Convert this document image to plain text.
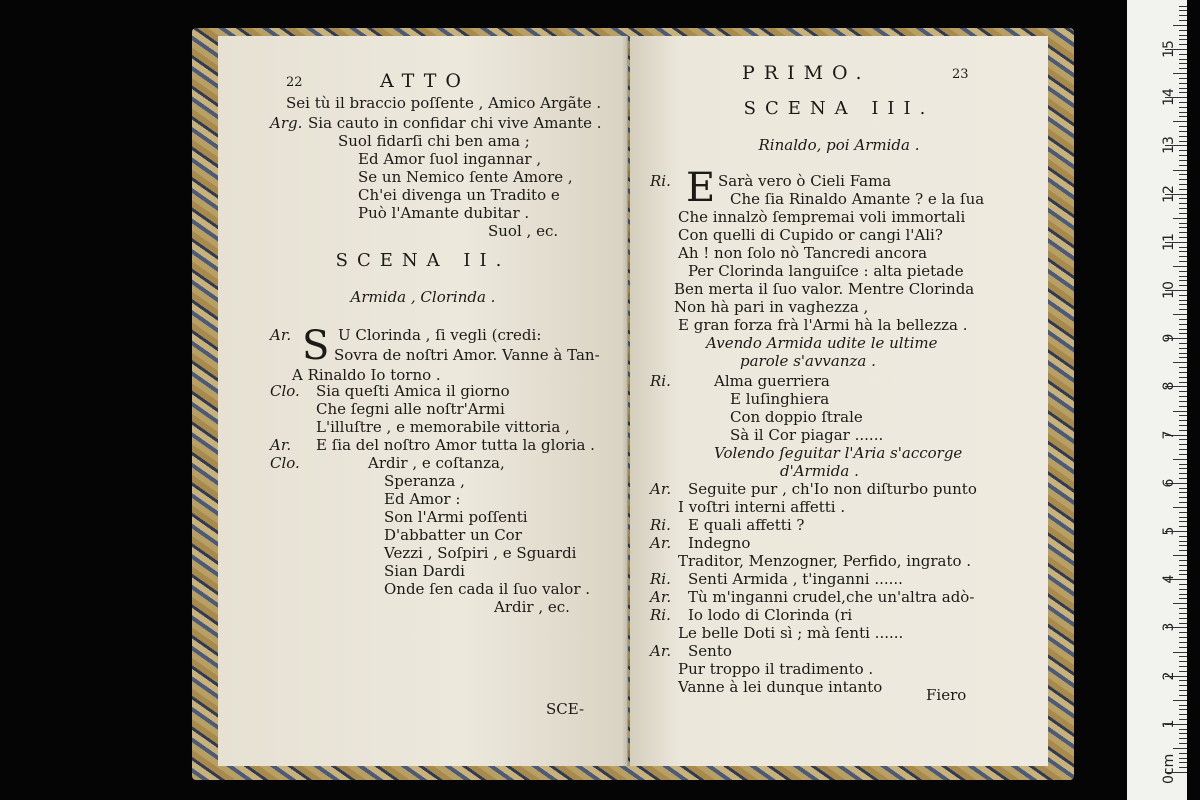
22	ATTO
Sei tù il braccio poſſente , Amico Argãte .
Arg. Sia cauto in confidar chi vive Amante .
Suol fidarſi chi ben ama ;
Ed Amor ſuol ingannar ,
Se un Nemico ſente Amore ,
Ch'ei divenga un Tradito e
Può l'Amante dubitar .
Suol , ec.
SCENA II.
Armida , Clorinda .
S
Ar.	U Clorinda , ſi vegli (credi:
Sovra de noſtri Amor. Vanne à Tan-
A Rinaldo Io torno .
Clo. Sia queſti Amica il giorno
Che ſegni alle noſtr'Armi
L'illuſtre , e memorabile vittoria ,
Ar. E ſia del noſtro Amor tutta la gloria .
Clo.	Ardir , e coſtanza,
Speranza ,
Ed Amor :
Son l'Armi poſſenti
D'abbatter un Cor
Vezzi , Soſpiri , e Sguardi
Sian Dardi
Onde ſen cada il ſuo valor .
Ardir , ec.
SCE-
PRIMO.	23
SCENA III.
Rinaldo, poi Armida .
E
Ri.	Sarà vero ò Cieli Fama
Che ſia Rinaldo Amante ? e la ſua
Che innalzò ſempremai voli immortali
Con quelli di Cupido or cangi l'Ali?
Ah ! non ſolo nò Tancredi ancora
Per Clorinda languiſce : alta pietade
Ben merta il ſuo valor. Mentre Clorinda
Non hà pari in vaghezza ,
E gran forza frà l'Armi hà la bellezza .
Avendo Armida udite le ultime
parole s'avvanza .
Ri.	Alma guerriera
E luſinghiera
Con doppio ſtrale
Sà il Cor piagar ......
Volendo ſeguitar l'Aria s'accorge
d'Armida .
Ar. Seguite pur , ch'Io non diſturbo punto
I voſtri interni affetti .
Ri. E quali affetti ?
Ar. Indegno
Traditor, Menzogner, Perfido, ingrato .
Ri. Senti Armida , t'inganni ......
Ar. Tù m'inganni crudel,che un'altra adò-
Ri. Io lodo di Clorinda (ri
Le belle Doti sì ; mà ſenti ......
Ar. Sento
Pur troppo il tradimento .
Vanne à lei dunque intanto	Fiero
15
14
13
12
11
10
9
8
7
6
5
4
3
2
1
0cm
